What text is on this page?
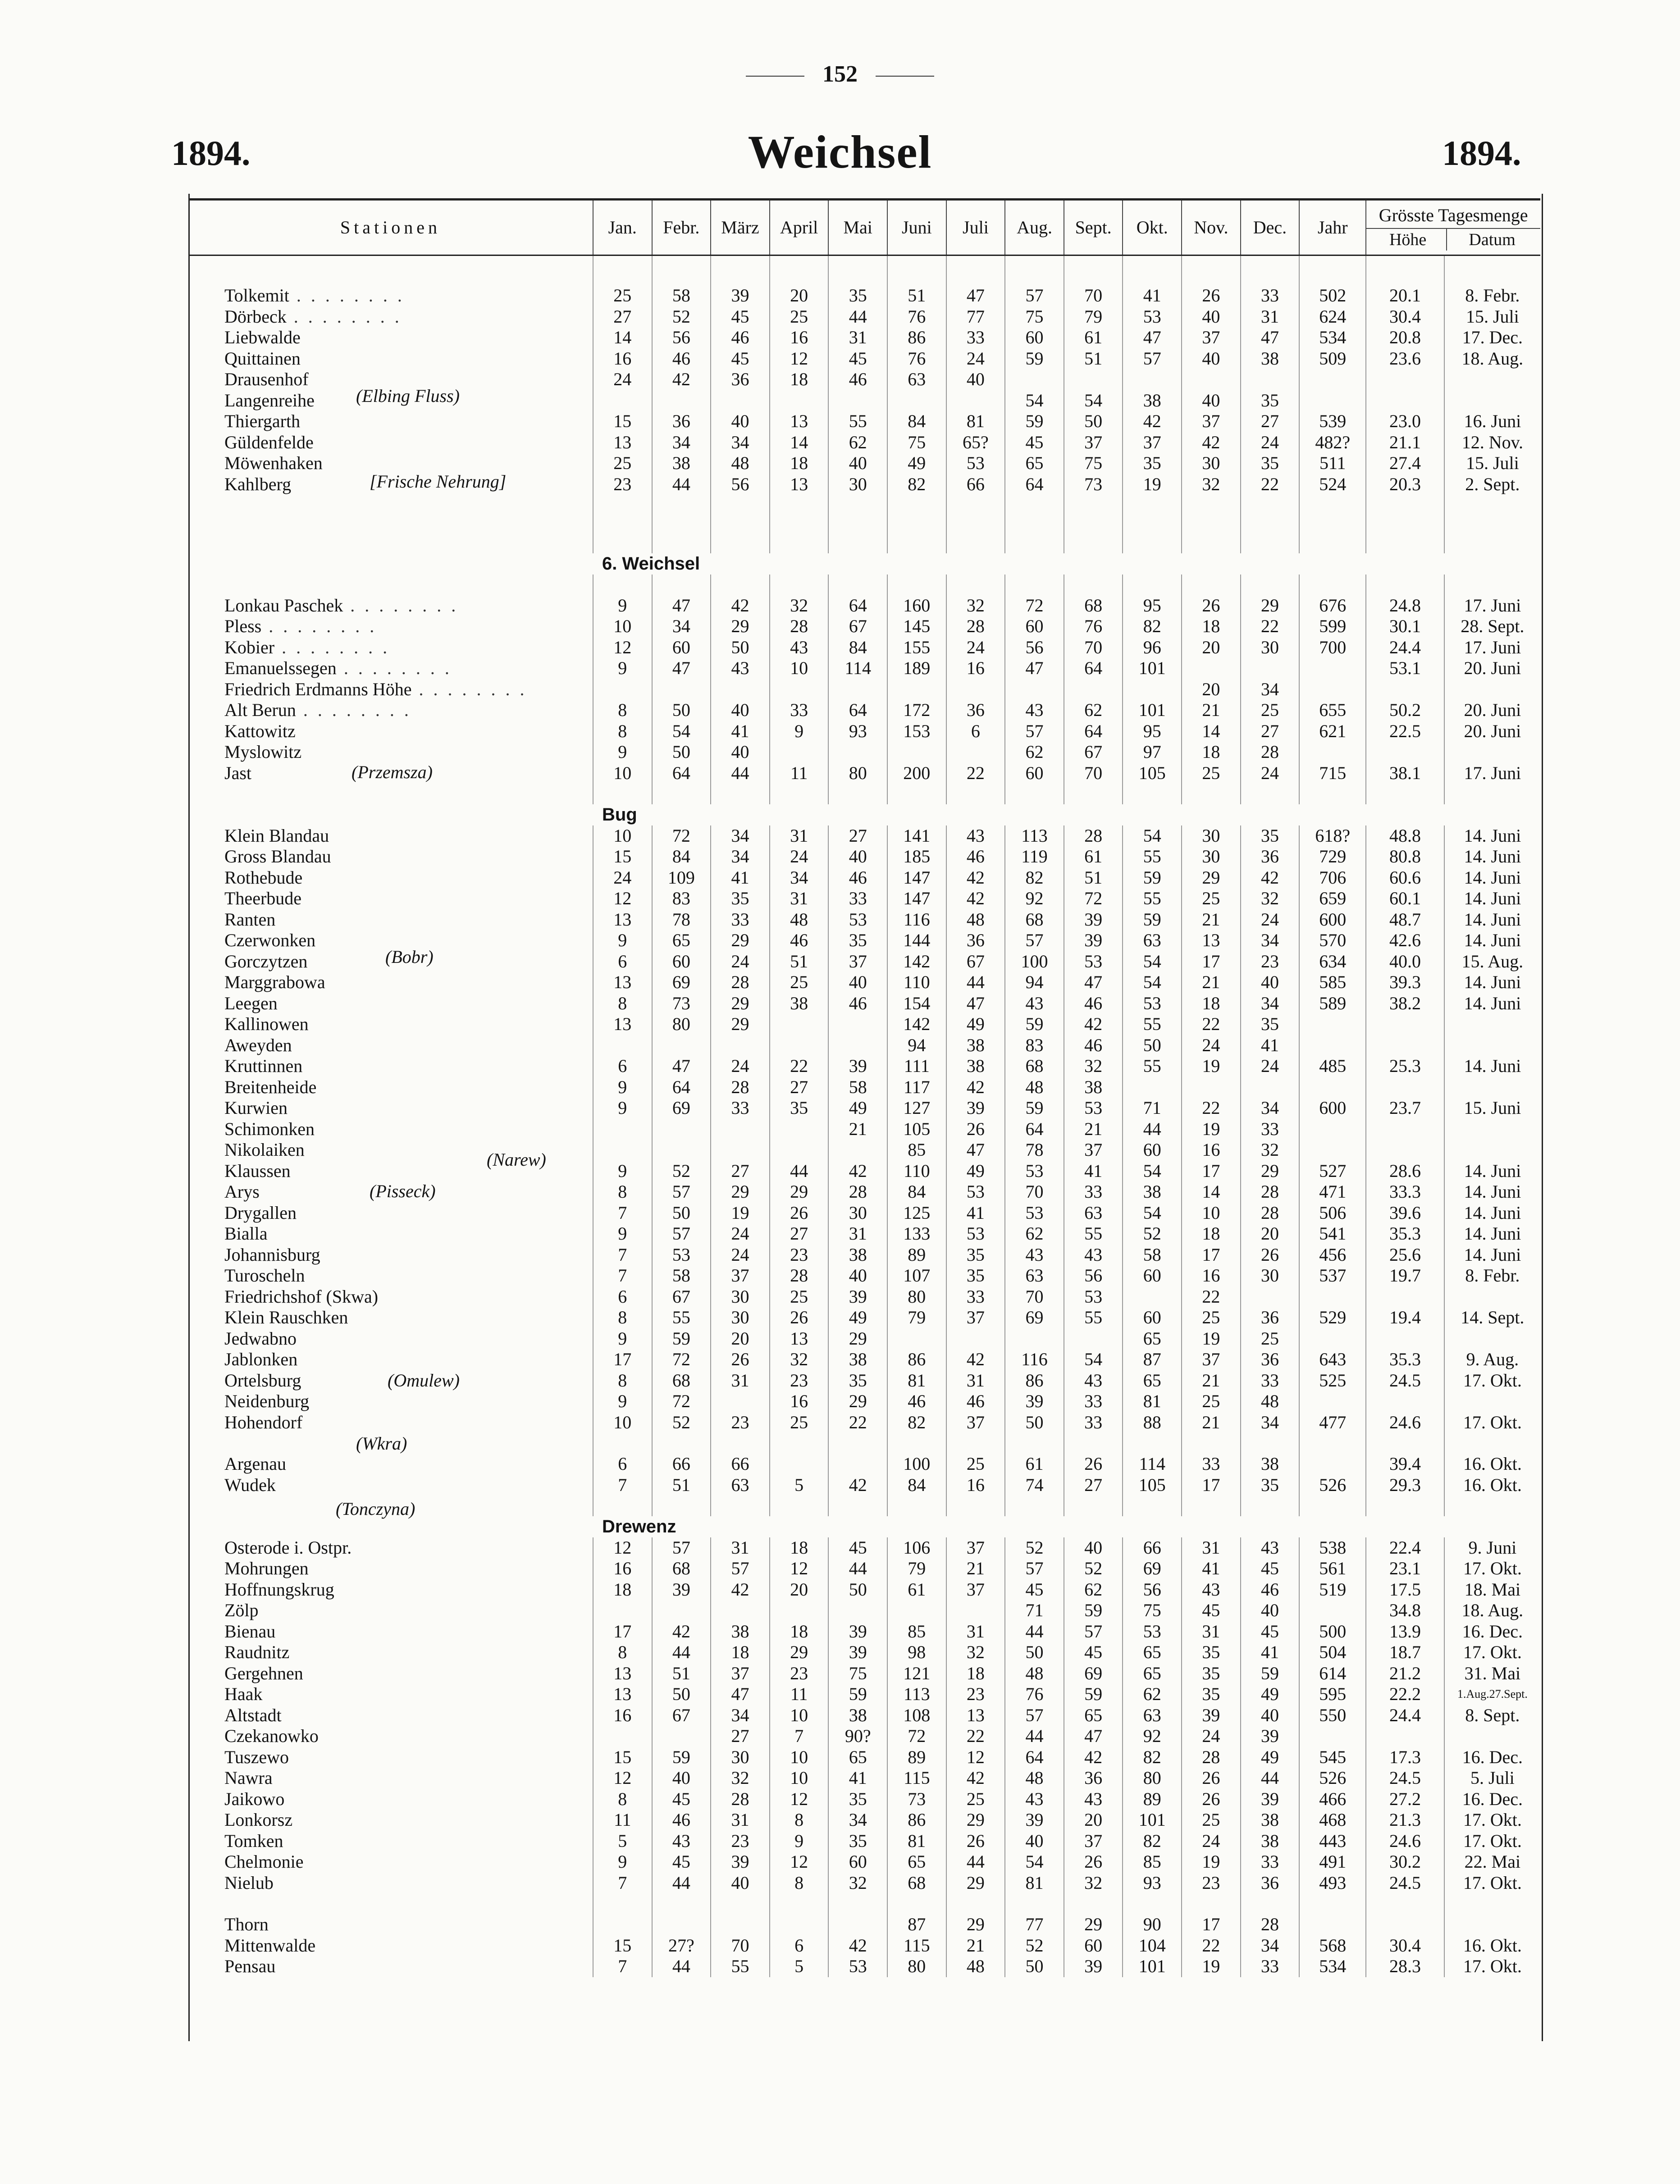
152
1894.	Weichsel	1894.
Stationen	Jan.	Febr.	März	April	Mai	Juni	Juli	Aug.	Sept.	Okt.	Nov.	Dec.	Jahr	Grösste Tagesmenge
Höhe Datum	

Tolkemit . . . . . . . .	25	58	39	20	35	51	47	57	70	41	26	33	502	20.1	8. Febr.
Dörbeck . . . . . . . .	27	52	45	25	44	76	77	75	79	53	40	31	624	30.4	15. Juli
Liebwalde	14	56	46	16	31	86	33	60	61	47	37	47	534	20.8	17. Dec.
Quittainen	16	46	45	12	45	76	24	59	51	57	40	38	509	23.6	18. Aug.
Drausenhof	24	42	36	18	46	63	40								
Langenreihe								54	54	38	40	35			
Thiergarth	15	36	40	13	55	84	81	59	50	42	37	27	539	23.0	16. Juni
Güldenfelde	13	34	34	14	62	75	65?	45	37	37	42	24	482?	21.1	12. Nov.
Möwenhaken	25	38	48	18	40	49	53	65	75	35	30	35	511	27.4	15. Juli
Kahlberg	23	44	56	13	30	82	66	64	73	19	32	22	524	20.3	2. Sept.

	6. Weichsel														

Lonkau Paschek . . . . . . . .	9	47	42	32	64	160	32	72	68	95	26	29	676	24.8	17. Juni
Pless . . . . . . . .	10	34	29	28	67	145	28	60	76	82	18	22	599	30.1	28. Sept.
Kobier . . . . . . . .	12	60	50	43	84	155	24	56	70	96	20	30	700	24.4	17. Juni
Emanuelssegen . . . . . . . .	9	47	43	10	114	189	16	47	64	101				53.1	20. Juni
Friedrich Erdmanns Höhe . . . . . . . .											20	34			
Alt Berun . . . . . . . .	8	50	40	33	64	172	36	43	62	101	21	25	655	50.2	20. Juni
Kattowitz	8	54	41	9	93	153	6	57	64	95	14	27	621	22.5	20. Juni
Myslowitz	9	50	40					62	67	97	18	28			
Jast	10	64	44	11	80	200	22	60	70	105	25	24	715	38.1	17. Juni

	Bug														
Klein Blandau	10	72	34	31	27	141	43	113	28	54	30	35	618?	48.8	14. Juni
Gross Blandau	15	84	34	24	40	185	46	119	61	55	30	36	729	80.8	14. Juni
Rothebude	24	109	41	34	46	147	42	82	51	59	29	42	706	60.6	14. Juni
Theerbude	12	83	35	31	33	147	42	92	72	55	25	32	659	60.1	14. Juni
Ranten	13	78	33	48	53	116	48	68	39	59	21	24	600	48.7	14. Juni
Czerwonken	9	65	29	46	35	144	36	57	39	63	13	34	570	42.6	14. Juni
Gorczytzen	6	60	24	51	37	142	67	100	53	54	17	23	634	40.0	15. Aug.
Marggrabowa	13	69	28	25	40	110	44	94	47	54	21	40	585	39.3	14. Juni
Leegen	8	73	29	38	46	154	47	43	46	53	18	34	589	38.2	14. Juni
Kallinowen	13	80	29			142	49	59	42	55	22	35			
Aweyden						94	38	83	46	50	24	41			
Kruttinnen	6	47	24	22	39	111	38	68	32	55	19	24	485	25.3	14. Juni
Breitenheide	9	64	28	27	58	117	42	48	38						
Kurwien	9	69	33	35	49	127	39	59	53	71	22	34	600	23.7	15. Juni
Schimonken					21	105	26	64	21	44	19	33			
Nikolaiken						85	47	78	37	60	16	32			
Klaussen	9	52	27	44	42	110	49	53	41	54	17	29	527	28.6	14. Juni
Arys	8	57	29	29	28	84	53	70	33	38	14	28	471	33.3	14. Juni
Drygallen	7	50	19	26	30	125	41	53	63	54	10	28	506	39.6	14. Juni
Bialla	9	57	24	27	31	133	53	62	55	52	18	20	541	35.3	14. Juni
Johannisburg	7	53	24	23	38	89	35	43	43	58	17	26	456	25.6	14. Juni
Turoscheln	7	58	37	28	40	107	35	63	56	60	16	30	537	19.7	8. Febr.
Friedrichshof (Skwa)	6	67	30	25	39	80	33	70	53		22				
Klein Rauschken	8	55	30	26	49	79	37	69	55	60	25	36	529	19.4	14. Sept.
Jedwabno	9	59	20	13	29					65	19	25			
Jablonken	17	72	26	32	38	86	42	116	54	87	37	36	643	35.3	9. Aug.
Ortelsburg	8	68	31	23	35	81	31	86	43	65	21	33	525	24.5	17. Okt.
Neidenburg	9	72		16	29	46	46	39	33	81	25	48			
Hohendorf	10	52	23	25	22	82	37	50	33	88	21	34	477	24.6	17. Okt.

Argenau	6	66	66			100	25	61	26	114	33	38		39.4	16. Okt.
Wudek	7	51	63	5	42	84	16	74	27	105	17	35	526	29.3	16. Okt.

	Drewenz														
Osterode i. Ostpr.	12	57	31	18	45	106	37	52	40	66	31	43	538	22.4	9. Juni
Mohrungen	16	68	57	12	44	79	21	57	52	69	41	45	561	23.1	17. Okt.
Hoffnungskrug	18	39	42	20	50	61	37	45	62	56	43	46	519	17.5	18. Mai
Zölp								71	59	75	45	40		34.8	18. Aug.
Bienau	17	42	38	18	39	85	31	44	57	53	31	45	500	13.9	16. Dec.
Raudnitz	8	44	18	29	39	98	32	50	45	65	35	41	504	18.7	17. Okt.
Gergehnen	13	51	37	23	75	121	18	48	69	65	35	59	614	21.2	31. Mai
Haak	13	50	47	11	59	113	23	76	59	62	35	49	595	22.2	1.Aug.27.Sept.
Altstadt	16	67	34	10	38	108	13	57	65	63	39	40	550	24.4	8. Sept.
Czekanowko			27	7	90?	72	22	44	47	92	24	39			
Tuszewo	15	59	30	10	65	89	12	64	42	82	28	49	545	17.3	16. Dec.
Nawra	12	40	32	10	41	115	42	48	36	80	26	44	526	24.5	5. Juli
Jaikowo	8	45	28	12	35	73	25	43	43	89	26	39	466	27.2	16. Dec.
Lonkorsz	11	46	31	8	34	86	29	39	20	101	25	38	468	21.3	17. Okt.
Tomken	5	43	23	9	35	81	26	40	37	82	24	38	443	24.6	17. Okt.
Chelmonie	9	45	39	12	60	65	44	54	26	85	19	33	491	30.2	22. Mai
Nielub	7	44	40	8	32	68	29	81	32	93	23	36	493	24.5	17. Okt.

Thorn						87	29	77	29	90	17	28			
Mittenwalde	15	27?	70	6	42	115	21	52	60	104	22	34	568	30.4	16. Okt.
Pensau	7	44	55	5	53	80	48	50	39	101	19	33	534	28.3	17. Okt.
(Elbing Fluss)
[Frische Nehrung]
(Przemsza)
(Bobr)
(Narew)
(Pisseck)
(Omulew)
(Wkra)
(Tonczyna)
